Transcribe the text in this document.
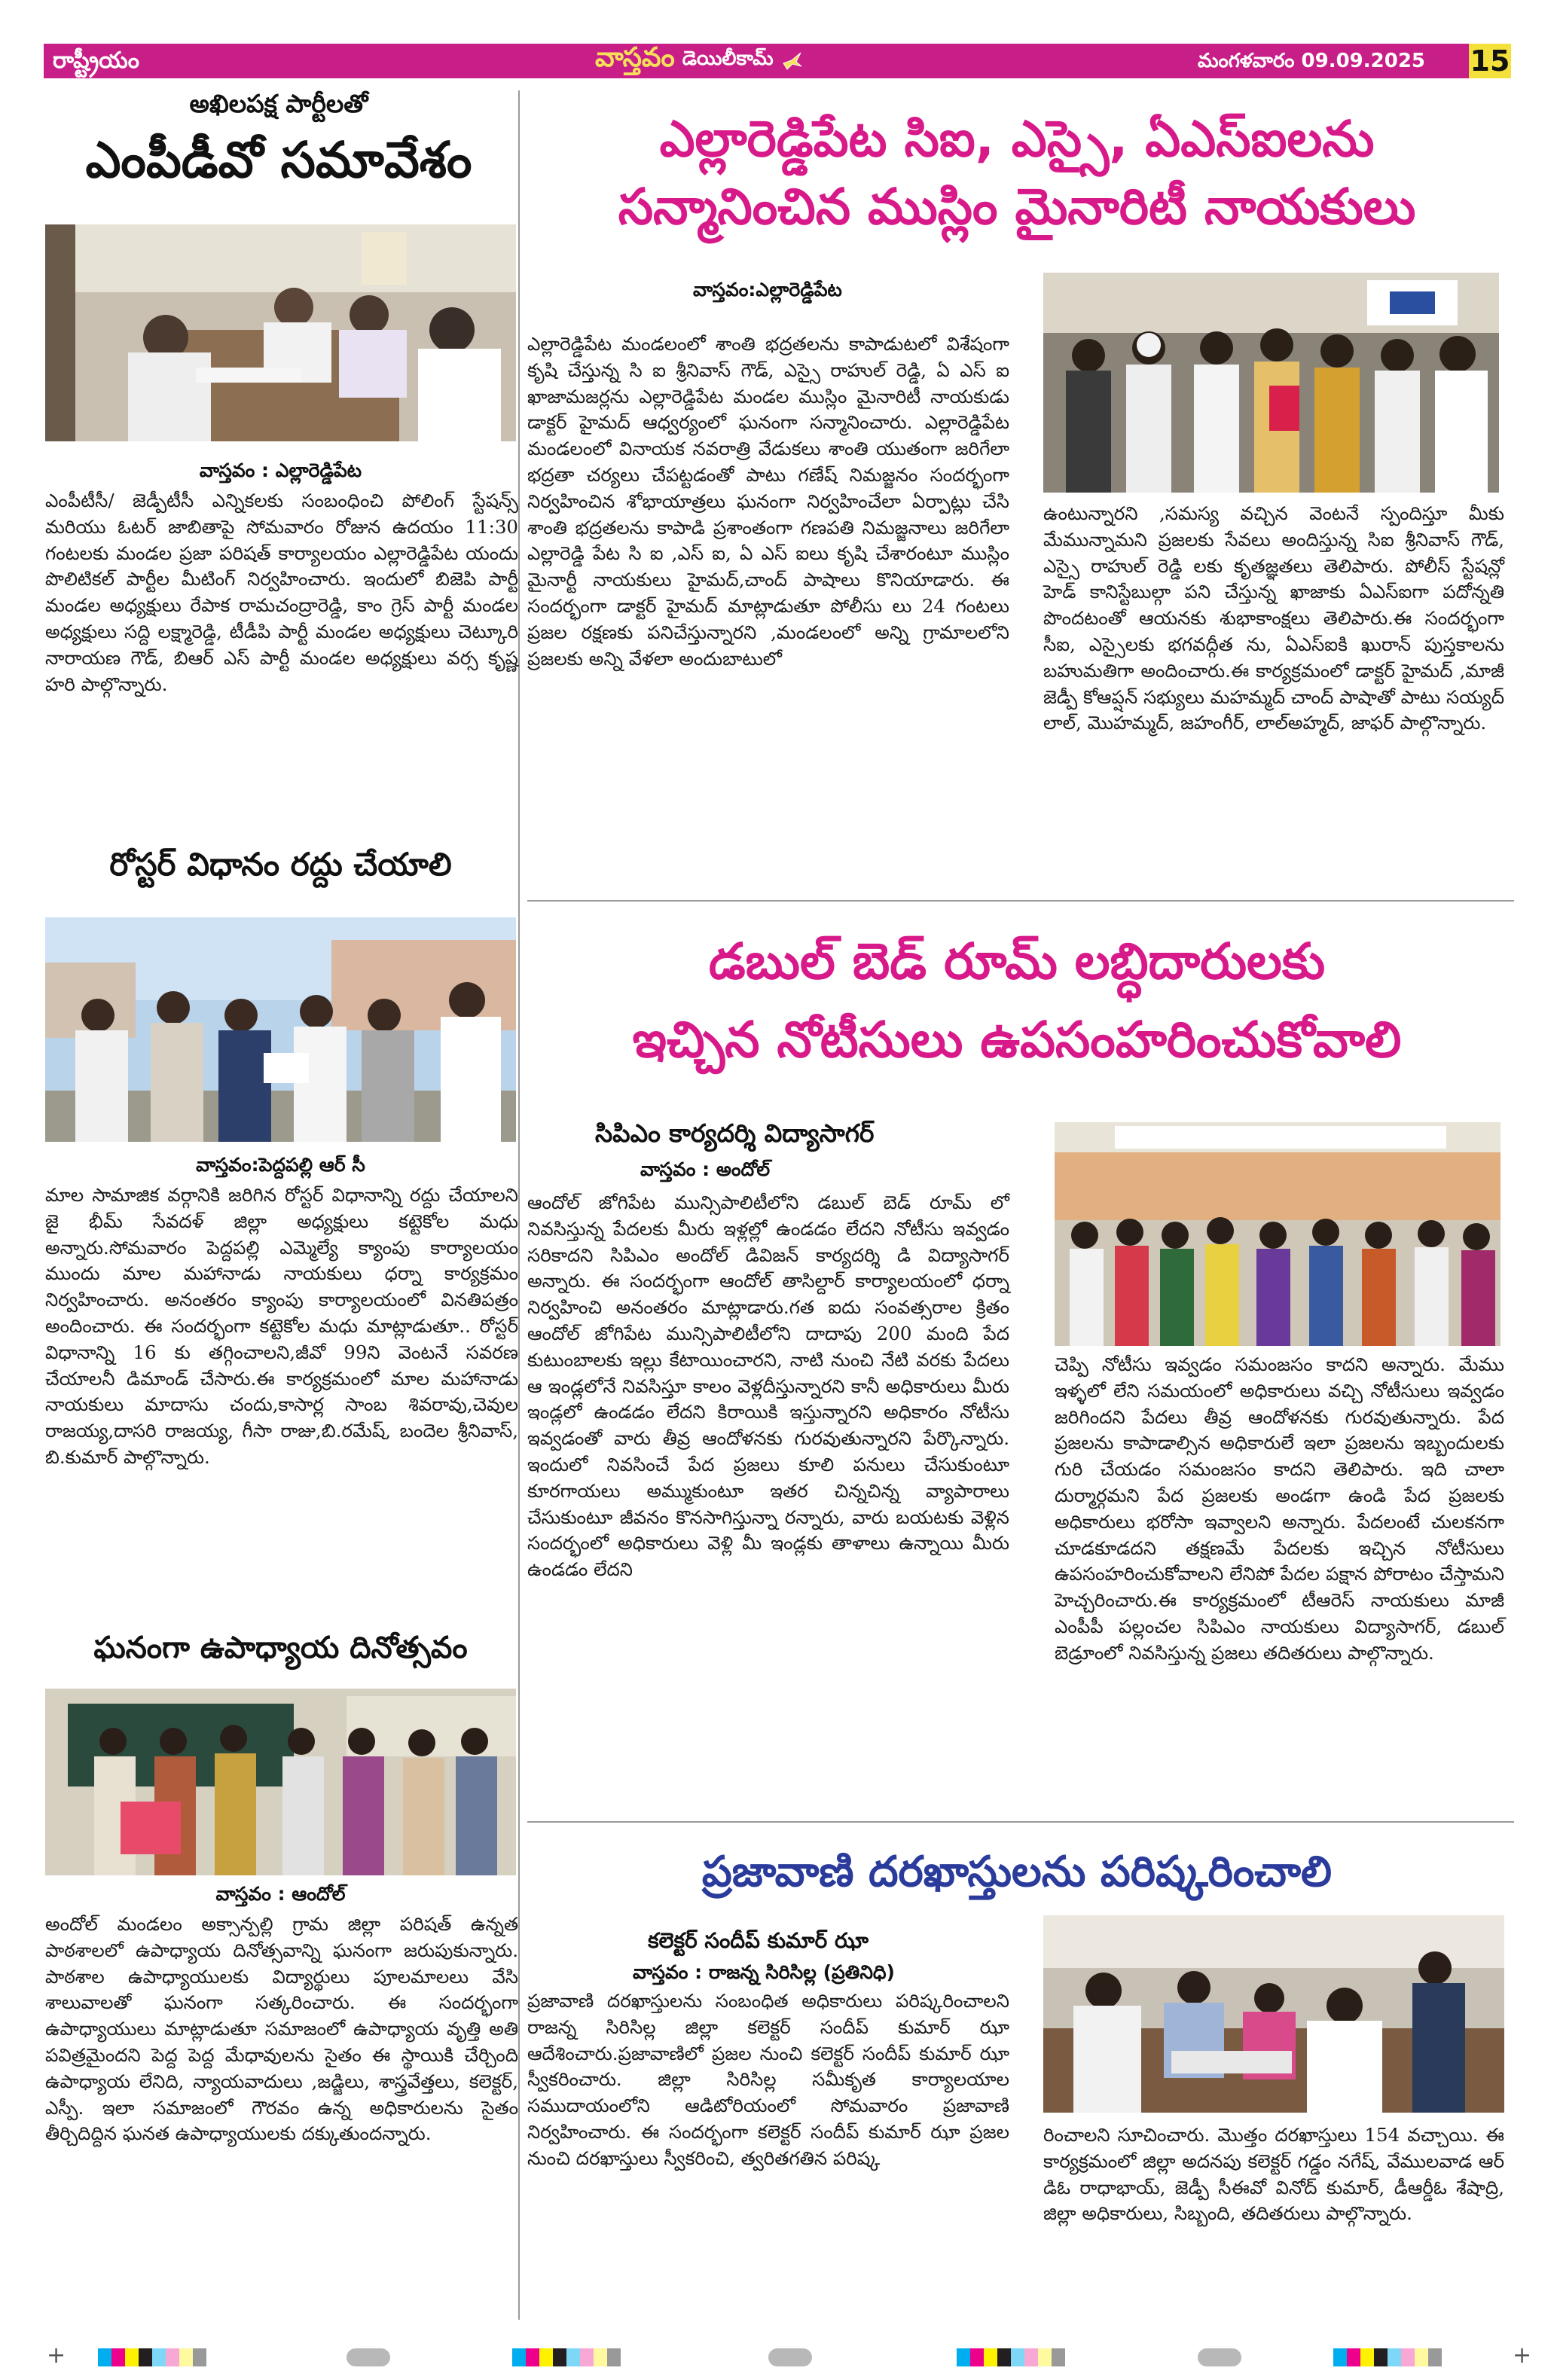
రాష్ట్రీయం	వాస్తవం డెయిలీకామ్	మంగళవారం 09.09.2025 15
అఖిలపక్ష పార్టీలతో
ఎంపీడీవో సమావేశం
వాస్తవం : ఎల్లారెడ్డిపేట
ఎంపీటీసీ/ జెడ్పీటీసీ ఎన్నికలకు సంబంధించి పోలింగ్ స్టేషన్స్ మరియు ఓటర్ జాబితాపై సోమవారం రోజున ఉదయం 11:30 గంటలకు మండల ప్రజా పరిషత్ కార్యాలయం ఎల్లారెడ్డిపేట యందు పొలిటికల్ పార్టీల మీటింగ్ నిర్వహించారు. ఇందులో బిజెపి పార్టీ మండల అధ్యక్షులు రేపాక రామచంద్రారెడ్డి, కాం గ్రెస్ పార్టీ మండల అధ్యక్షులు సద్ది లక్ష్మారెడ్డి, టీడీపి పార్టీ మండల అధ్యక్షులు చెట్కూరి నారాయణ గౌడ్, బిఆర్ ఎస్ పార్టీ మండల అధ్యక్షులు వర్స కృష్ణ హరి పాల్గొన్నారు.
రోస్టర్ విధానం రద్దు చేయాలి
వాస్తవం:పెద్దపల్లి ఆర్ సీ
మాల సామాజిక వర్గానికి జరిగిన రోస్టర్ విధానాన్ని రద్దు చేయాలని జై భీమ్ సేవదళ్ జిల్లా అధ్యక్షులు కట్టెకోల మధు అన్నారు.సోమవారం పెద్దపల్లి ఎమ్మెల్యే క్యాంపు కార్యాలయం ముందు మాల మహానాడు నాయకులు ధర్నా కార్యక్రమం నిర్వహించారు. అనంతరం క్యాంపు కార్యాలయంలో వినతిపత్రం అందించారు. ఈ సందర్భంగా కట్టెకోల మధు మాట్లాడుతూ.. రోస్టర్ విధానాన్ని 16 కు తగ్గించాలని,జీవో 99ని వెంటనే సవరణ చేయాలనీ డిమాండ్ చేసారు.ఈ కార్యక్రమంలో మాల మహానాడు నాయకులు మాదాసు చందు,కాసార్ల సాంబ శివరావు,చెవుల రాజయ్య,దాసరి రాజయ్య, గీసా రాజు,బి.రమేష్, బందెల శ్రీనివాస్, బి.కుమార్ పాల్గొన్నారు.
ఘనంగా ఉపాధ్యాయ దినోత్సవం
వాస్తవం : ఆందోల్
అందోల్ మండలం అక్సాన్పల్లి గ్రామ జిల్లా పరిషత్ ఉన్నత పాఠశాలలో ఉపాధ్యాయ దినోత్సవాన్ని ఘనంగా జరుపుకున్నారు. పాఠశాల ఉపాధ్యాయులకు విద్యార్థులు పూలమాలలు వేసి శాలువాలతో ఘనంగా సత్కరించారు. ఈ సందర్భంగా ఉపాధ్యాయులు మాట్లాడుతూ సమాజంలో ఉపాధ్యాయ వృత్తి అతి పవిత్రమైందని పెద్ద పెద్ద మేధావులను సైతం ఈ స్థాయికి చేర్చింది ఉపాధ్యాయ లేనిది, న్యాయవాదులు ,జడ్జిలు, శాస్త్రవేత్తలు, కలెక్టర్, ఎస్పీ. ఇలా సమాజంలో గౌరవం ఉన్న అధికారులను సైతం తీర్చిదిద్దిన ఘనత ఉపాధ్యాయులకు దక్కుతుందన్నారు.
ఎల్లారెడ్డిపేట సిఐ, ఎస్సై, ఏఎస్ఐలను
సన్మానించిన ముస్లిం మైనారిటీ నాయకులు
వాస్తవం:ఎల్లారెడ్డిపేట
ఎల్లారెడ్డిపేట మండలంలో శాంతి భద్రతలను కాపాడుటలో విశేషంగా కృషి చేస్తున్న సి ఐ శ్రీనివాస్ గౌడ్, ఎస్సై రాహుల్ రెడ్డి, ఏ ఎస్ ఐ ఖాజామజర్లను ఎల్లారెడ్డిపేట మండల ముస్లిం మైనారిటీ నాయకుడు డాక్టర్ హైమద్ ఆధ్వర్యంలో ఘనంగా సన్మానించారు. ఎల్లారెడ్డిపేట మండలంలో వినాయక నవరాత్రి వేడుకలు శాంతి యుతంగా జరిగేలా భద్రతా చర్యలు చేపట్టడంతో పాటు గణేష్ నిమజ్జనం సందర్భంగా నిర్వహించిన శోభాయాత్రలు ఘనంగా నిర్వహించేలా ఏర్పాట్లు చేసి శాంతి భద్రతలను కాపాడి ప్రశాంతంగా గణపతి నిమజ్జనాలు జరిగేలా ఎల్లారెడ్డి పేట సి ఐ ,ఎస్ ఐ, ఏ ఎస్ ఐలు కృషి చేశారంటూ ముస్లిం మైనార్టీ నాయకులు హైమద్,చాంద్ పాషాలు కొనియాడారు. ఈ సందర్భంగా డాక్టర్ హైమద్ మాట్లాడుతూ పోలీసు లు 24 గంటలు ప్రజల రక్షణకు పనిచేస్తున్నారని ,మండలంలో అన్ని గ్రామాలలోని ప్రజలకు అన్ని వేళలా అందుబాటులో
ఉంటున్నారని ,సమస్య వచ్చిన వెంటనే స్పందిస్తూ మీకు మేమున్నామని ప్రజలకు సేవలు అందిస్తున్న సిఐ శ్రీనివాస్ గౌడ్, ఎస్సై రాహుల్ రెడ్డి లకు కృతజ్ఞతలు తెలిపారు. పోలీస్ స్టేషన్లో హెడ్ కానిస్టేబుల్గా పని చేస్తున్న ఖాజాకు ఏఎస్ఐగా పదోన్నతి పొందటంతో ఆయనకు శుభాకాంక్షలు తెలిపారు.ఈ సందర్భంగా సీఐ, ఎస్సైలకు భగవద్గీత ను, ఏఎస్ఐకి ఖురాన్ పుస్తకాలను బహుమతిగా అందించారు.ఈ కార్యక్రమంలో డాక్టర్ హైమద్ ,మాజీ జెడ్పీ కోఆప్షన్ సభ్యులు మహమ్మద్ చాంద్ పాషాతో పాటు సయ్యద్ లాల్, మొహమ్మద్, జహంగీర్, లాల్అహ్మద్, జాఫర్ పాల్గొన్నారు.
డబుల్ బెడ్ రూమ్ లబ్ధిదారులకు
ఇచ్చిన నోటీసులు ఉపసంహరించుకోవాలి
సిపిఎం కార్యదర్శి విద్యాసాగర్
వాస్తవం : అందోల్
ఆందోల్ జోగిపేట మున్సిపాలిటీలోని డబుల్ బెడ్ రూమ్ లో నివసిస్తున్న పేదలకు మీరు ఇళ్లల్లో ఉండడం లేదని నోటీసు ఇవ్వడం సరికాదని సిపిఎం అందోల్ డివిజన్ కార్యదర్శి డి విద్యాసాగర్ అన్నారు. ఈ సందర్భంగా ఆందోల్ తాసిల్దార్ కార్యాలయంలో ధర్నా నిర్వహించి అనంతరం మాట్లాడారు.గత ఐదు సంవత్సరాల క్రితం ఆందోల్ జోగిపేట మున్సిపాలిటీలోని దాదాపు 200 మంది పేద కుటుంబాలకు ఇల్లు కేటాయించారని, నాటి నుంచి నేటి వరకు పేదలు ఆ ఇండ్లలోనే నివసిస్తూ కాలం వెళ్లదీస్తున్నారని కానీ అధికారులు మీరు ఇండ్లలో ఉండడం లేదని కిరాయికి ఇస్తున్నారని అధికారం నోటీసు ఇవ్వడంతో వారు తీవ్ర ఆందోళనకు గురవుతున్నారని పేర్కొన్నారు. ఇందులో నివసించే పేద ప్రజలు కూలి పనులు చేసుకుంటూ కూరగాయలు అమ్ముకుంటూ ఇతర చిన్నచిన్న వ్యాపారాలు చేసుకుంటూ జీవనం కొనసాగిస్తున్నా రన్నారు, వారు బయటకు వెళ్లిన సందర్భంలో అధికారులు వెళ్లి మీ ఇండ్లకు తాళాలు ఉన్నాయి మీరు ఉండడం లేదని
చెప్పి నోటీసు ఇవ్వడం సమంజసం కాదని అన్నారు. మేము ఇళ్ళలో లేని సమయంలో అధికారులు వచ్చి నోటీసులు ఇవ్వడం జరిగిందని పేదలు తీవ్ర ఆందోళనకు గురవుతున్నారు. పేద ప్రజలను కాపాడాల్సిన అధికారులే ఇలా ప్రజలను ఇబ్బందులకు గురి చేయడం సమంజసం కాదని తెలిపారు. ఇది చాలా దుర్మార్గమని పేద ప్రజలకు అండగా ఉండి పేద ప్రజలకు అధికారులు భరోసా ఇవ్వాలని అన్నారు. పేదలంటే చులకనగా చూడకూడదని తక్షణమే పేదలకు ఇచ్చిన నోటీసులు ఉపసంహరించుకోవాలని లేనిపో పేదల పక్షాన పోరాటం చేస్తామని హెచ్చరించారు.ఈ కార్యక్రమంలో టీఆరెస్ నాయకులు మాజీ ఎంపీపీ పల్లంచల సిపిఎం నాయకులు విద్యాసాగర్, డబుల్ బెడ్రూంలో నివసిస్తున్న ప్రజలు తదితరులు పాల్గొన్నారు.
ప్రజావాణి దరఖాస్తులను పరిష్కరించాలి
కలెక్టర్ సందీప్ కుమార్ ఝా
వాస్తవం : రాజన్న సిరిసిల్ల (ప్రతినిధి)
ప్రజావాణి దరఖాస్తులను సంబంధిత అధికారులు పరిష్కరించాలని రాజన్న సిరిసిల్ల జిల్లా కలెక్టర్ సందీప్ కుమార్ ఝా ఆదేశించారు.ప్రజావాణిలో ప్రజల నుంచి కలెక్టర్ సందీప్ కుమార్ ఝా స్వీకరించారు. జిల్లా సిరిసిల్ల సమీకృత కార్యాలయాల సముదాయంలోని ఆడిటోరియంలో సోమవారం ప్రజావాణి నిర్వహించారు. ఈ సందర్భంగా కలెక్టర్ సందీప్ కుమార్ ఝా ప్రజల నుంచి దరఖాస్తులు స్వీకరించి, త్వరితగతిన పరిష్క
రించాలని సూచించారు. మొత్తం దరఖాస్తులు 154 వచ్చాయి. ఈ కార్యక్రమంలో జిల్లా అదనపు కలెక్టర్ గడ్డం నగేష్, వేములవాడ ఆర్ డిఓ రాధాభాయ్, జెడ్పీ సీఈవో వినోద్ కుమార్, డీఆర్డీఓ శేషాద్రి, జిల్లా అధికారులు, సిబ్బంది, తదితరులు పాల్గొన్నారు.
+	+
